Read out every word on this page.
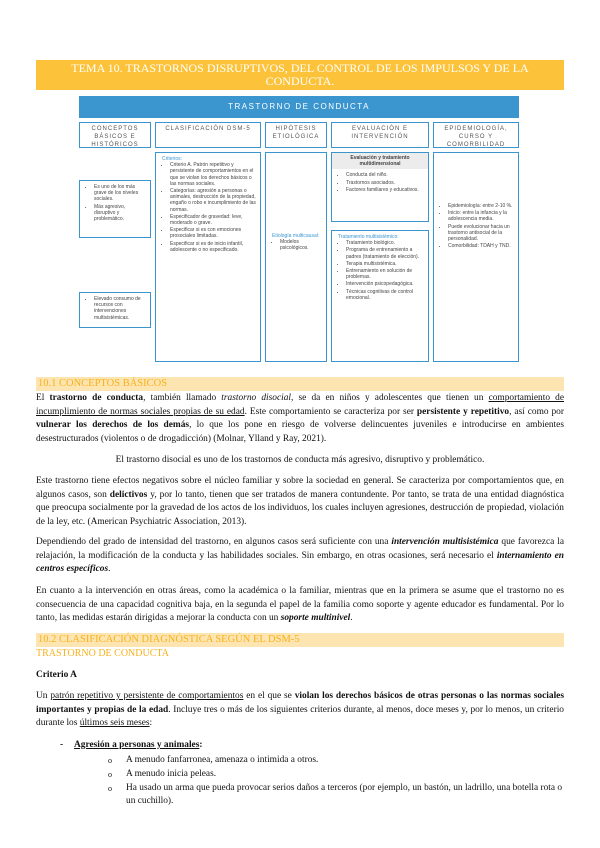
TEMA 10. TRASTORNOS DISRUPTIVOS, DEL CONTROL DE LOS IMPULSOS Y DE LA CONDUCTA.
TRASTORNO DE CONDUCTA
CONCEPTOS BÁSICOS E HISTÓRICOS
CLASIFICACIÓN DSM-5	HIPÓTESIS ETIOLÓGICA
EVALUACIÓN E INTERVENCIÓN
EPIDEMIOLOGÍA, CURSO Y COMORBILIDAD
• Es uno de los más grave de los niveles sociales.
• Más agresivo, disruptivo y problemático.
• Elevado consumo de recursos con intervenciones multisistémicas.
Criterios:
• Criterio A. Patrón repetitivo y persistente de comportamientos en el que se violan los derechos básicos o las normas sociales.
• Categorías: agresión a personas o animales, destrucción de la propiedad, engaño o robo e incumplimiento de las normas.
• Especificador de gravedad: leve, moderado o grave.
• Especificar si es con emociones prosociales limitadas.
• Especificar si es de inicio infantil, adolescente o no especificado.
Etiología multicausal:
• Modelos psicológicos.
Evaluación y tratamiento multidimensional
• Conducta del niño.
• Trastornos asociados.
• Factores familiares y educativos.
Tratamiento multisistémico:
• Tratamiento biológico.
• Programa de entrenamiento a padres (tratamiento de elección).
• Terapia multisistémica.
• Entrenamiento en solución de problemas.
• Intervención psicopedagógica.
• Técnicas cognitivas de control emocional.
• Epidemiología: entre 2-10 %.
• Inicio: entre la infancia y la adolescencia media.
• Puede evolucionar hacia un trastorno antisocial de la personalidad.
• Comorbilidad: TDAH y TND.
10.1 CONCEPTOS BÁSICOS

El trastorno de conducta, también llamado trastorno disocial, se da en niños y adolescentes que tienen un comportamiento de incumplimiento de normas sociales propias de su edad. Este comportamiento se caracteriza por ser persistente y repetitivo, así como por vulnerar los derechos de los demás, lo que los pone en riesgo de volverse delincuentes juveniles e introducirse en ambientes desestructurados (violentos o de drogadicción) (Molnar, Ylland y Ray, 2021).

El trastorno disocial es uno de los trastornos de conducta más agresivo, disruptivo y problemático.

Este trastorno tiene efectos negativos sobre el núcleo familiar y sobre la sociedad en general. Se caracteriza por comportamientos que, en algunos casos, son delictivos y, por lo tanto, tienen que ser tratados de manera contundente. Por tanto, se trata de una entidad diagnóstica que preocupa socialmente por la gravedad de los actos de los individuos, los cuales incluyen agresiones, destrucción de propiedad, violación de la ley, etc. (American Psychiatric Association, 2013).

Dependiendo del grado de intensidad del trastorno, en algunos casos será suficiente con una intervención multisistémica que favorezca la relajación, la modificación de la conducta y las habilidades sociales. Sin embargo, en otras ocasiones, será necesario el internamiento en centros específicos.

En cuanto a la intervención en otras áreas, como la académica o la familiar, mientras que en la primera se asume que el trastorno no es consecuencia de una capacidad cognitiva baja, en la segunda el papel de la familia como soporte y agente educador es fundamental. Por lo tanto, las medidas estarán dirigidas a mejorar la conducta con un soporte multinivel.

10.2 CLASIFICACIÓN DIAGNÓSTICA SEGÚN EL DSM-5
TRASTORNO DE CONDUCTA

Criterio A

Un patrón repetitivo y persistente de comportamientos en el que se violan los derechos básicos de otras personas o las normas sociales importantes y propias de la edad. Incluye tres o más de los siguientes criterios durante, al menos, doce meses y, por lo menos, un criterio durante los últimos seis meses:

- Agresión a personas y animales:
o A menudo fanfarronea, amenaza o intimida a otros.
o A menudo inicia peleas.
o Ha usado un arma que pueda provocar serios daños a terceros (por ejemplo, un bastón, un ladrillo, una botella rota o un cuchillo).
